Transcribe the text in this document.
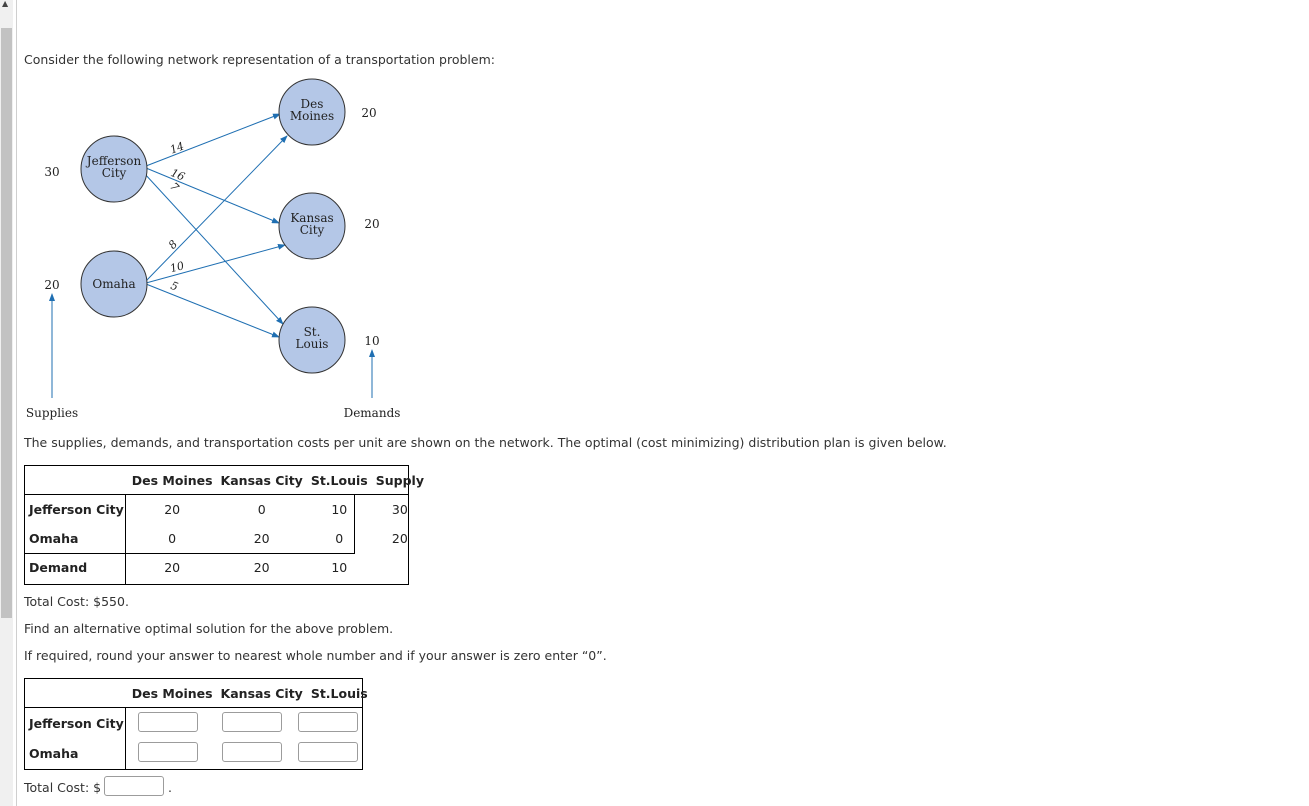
▲

Consider the following network representation of a transportation problem:

14
16
7
8
10
5
Jefferson
City
Omaha
Des
Moines
Kansas
City
St.
Louis
30
20
20
20
10
Supplies	Demands

The supplies, demands, and transportation costs per unit are shown on the network. The optimal (cost minimizing) distribution plan is given below.

	Des Moines	Kansas City	St.Louis	Supply
Jefferson City	20	0	10	30
Omaha	0	20	0	20
Demand	20	20	10	

Total Cost: $550.

Find an alternative optimal solution for the above problem.

If required, round your answer to nearest whole number and if your answer is zero enter “0”.

	Des Moines	Kansas City	St.Louis
Jefferson City			
Omaha			

Total Cost: $	.
